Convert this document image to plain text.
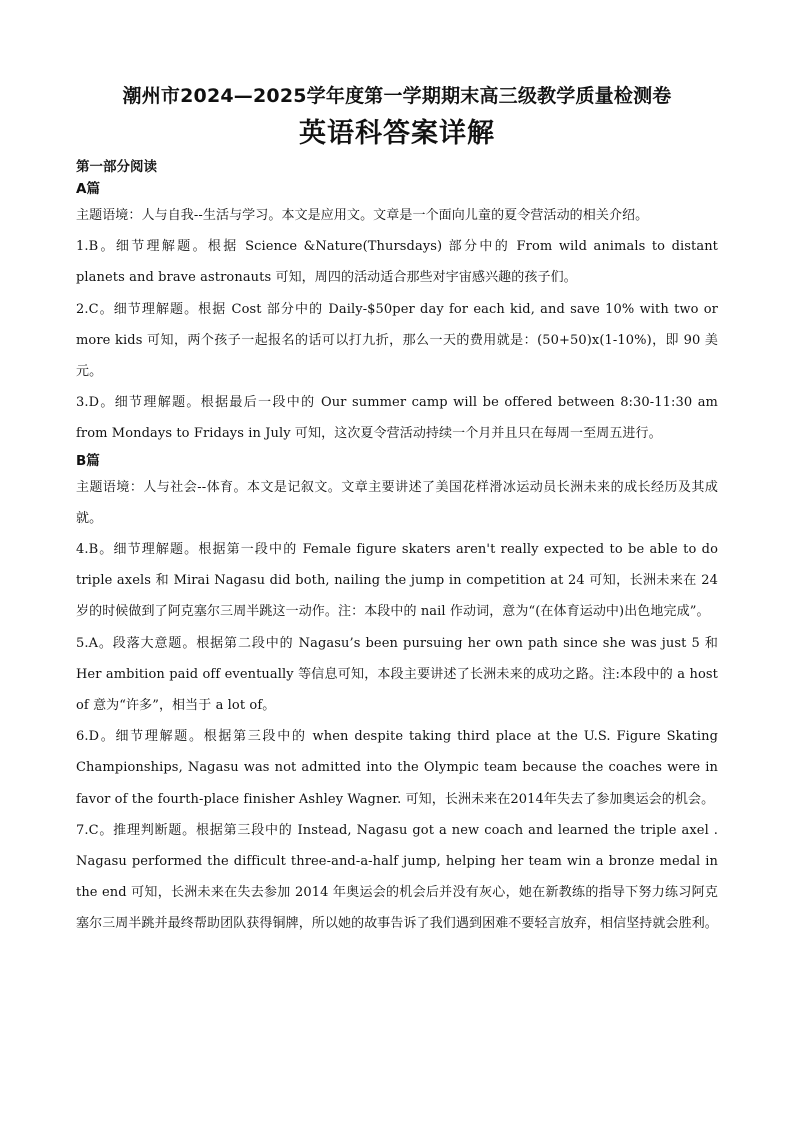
潮州市2024—2025学年度第一学期期末高三级教学质量检测卷
英语科答案详解

第一部分阅读

A篇

主题语境：人与自我--生活与学习。本文是应用文。文章是一个面向儿童的夏令营活动的相关介绍。

1.B。细节理解题。根据 Science &Nature(Thursdays) 部分中的 From wild animals to distant planets and brave astronauts 可知，周四的活动适合那些对宇宙感兴趣的孩子们。

2.C。细节理解题。根据 Cost 部分中的 Daily-$50per day for each kid, and save 10% with two or more kids 可知，两个孩子一起报名的话可以打九折，那么一天的费用就是：(50+50)x(1-10%)，即 90 美元。

3.D。细节理解题。根据最后一段中的 Our summer camp will be offered between 8:30-11:30 am from Mondays to Fridays in July 可知，这次夏令营活动持续一个月并且只在每周一至周五进行。

B篇

主题语境：人与社会--体育。本文是记叙文。文章主要讲述了美国花样滑冰运动员长洲未来的成长经历及其成就。

4.B。细节理解题。根据第一段中的 Female figure skaters aren't really expected to be able to do triple axels 和 Mirai Nagasu did both, nailing the jump in competition at 24 可知，长洲未来在 24 岁的时候做到了阿克塞尔三周半跳这一动作。注：本段中的 nail 作动词，意为“(在体育运动中)出色地完成”。

5.A。段落大意题。根据第二段中的 Nagasu’s been pursuing her own path since she was just 5 和 Her ambition paid off eventually 等信息可知，本段主要讲述了长洲未来的成功之路。注:本段中的 a host of 意为“许多”，相当于 a lot of。

6.D。细节理解题。根据第三段中的 when despite taking third place at the U.S. Figure Skating Championships, Nagasu was not admitted into the Olympic team because the coaches were in favor of the fourth-place finisher Ashley Wagner. 可知，长洲未来在2014年失去了参加奥运会的机会。

7.C。推理判断题。根据第三段中的 Instead, Nagasu got a new coach and learned the triple axel . Nagasu performed the difficult three-and-a-half jump, helping her team win a bronze medal in the end 可知，长洲未来在失去参加 2014 年奥运会的机会后并没有灰心，她在新教练的指导下努力练习阿克塞尔三周半跳并最终帮助团队获得铜牌，所以她的故事告诉了我们遇到困难不要轻言放弃，相信坚持就会胜利。
